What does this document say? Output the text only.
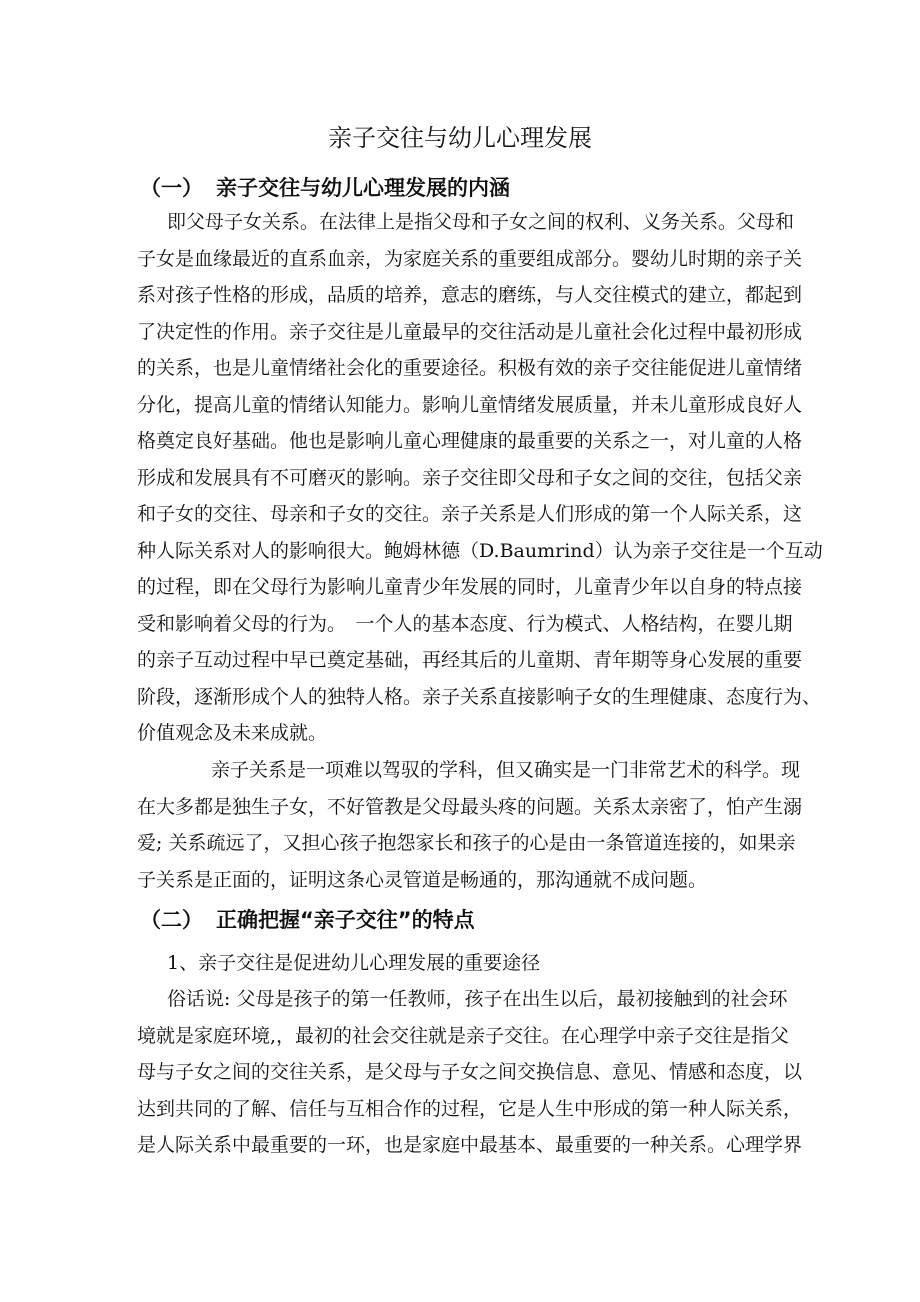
亲子交往与幼儿心理发展
（一） 亲子交往与幼儿心理发展的内涵
即父母子女关系。在法律上是指父母和子女之间的权利、义务关系。父母和
子女是血缘最近的直系血亲，为家庭关系的重要组成部分。婴幼儿时期的亲子关
系对孩子性格的形成，品质的培养，意志的磨练，与人交往模式的建立，都起到
了决定性的作用。亲子交往是儿童最早的交往活动是儿童社会化过程中最初形成
的关系，也是儿童情绪社会化的重要途径。积极有效的亲子交往能促进儿童情绪
分化，提高儿童的情绪认知能力。影响儿童情绪发展质量，并未儿童形成良好人
格奠定良好基础。他也是影响儿童心理健康的最重要的关系之一，对儿童的人格
形成和发展具有不可磨灭的影响。亲子交往即父母和子女之间的交往，包括父亲
和子女的交往、母亲和子女的交往。亲子关系是人们形成的第一个人际关系，这
种人际关系对人的影响很大。鲍姆林德（D.Baumrind）认为亲子交往是一个互动
的过程，即在父母行为影响儿童青少年发展的同时，儿童青少年以自身的特点接
受和影响着父母的行为。　一个人的基本态度、行为模式、人格结构，在婴儿期
的亲子互动过程中早已奠定基础，再经其后的儿童期、青年期等身心发展的重要
阶段，逐渐形成个人的独特人格。亲子关系直接影响子女的生理健康、态度行为、
价值观念及未来成就。
亲子关系是一项难以驾驭的学科，但又确实是一门非常艺术的科学。现
在大多都是独生子女，不好管教是父母最头疼的问题。关系太亲密了，怕产生溺
爱; 关系疏远了，又担心孩子抱怨家长和孩子的心是由一条管道连接的，如果亲
子关系是正面的，证明这条心灵管道是畅通的，那沟通就不成问题。
（二） 正确把握“亲子交往”的特点
1、亲子交往是促进幼儿心理发展的重要途径
俗话说: 父母是孩子的第一任教师，孩子在出生以后，最初接触到的社会环
境就是家庭环境,，最初的社会交往就是亲子交往。在心理学中亲子交往是指父
母与子女之间的交往关系，是父母与子女之间交换信息、意见、情感和态度，以
达到共同的了解、信任与互相合作的过程，它是人生中形成的第一种人际关系，
是人际关系中最重要的一环，也是家庭中最基本、最重要的一种关系。心理学界
